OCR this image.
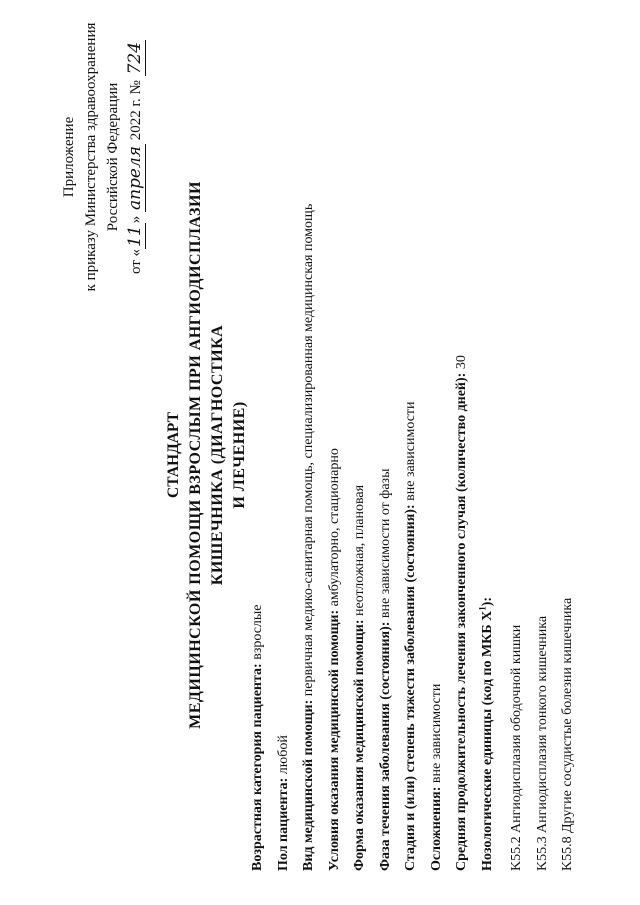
Приложение к приказу Министерства здравоохранения Российской Федерации
от «11» апреля 2022 г. № 724
СТАНДАРТ МЕДИЦИНСКОЙ ПОМОЩИ ВЗРОСЛЫМ ПРИ АНГИОДИСПЛАЗИИ КИШЕЧНИКА (ДИАГНОСТИКА И ЛЕЧЕНИЕ)
Возрастная категория пациента: взрослые
Пол пациента: любой Вид медицинской помощи: первичная медико-санитарная помощь, специализированная медицинская помощь
Условия оказания медицинской помощи: амбулаторно, стационарно
Форма оказания медицинской помощи: неотложная, плановая
Фаза течения заболевания (состояния): вне зависимости от фазы Стадия и (или) степень тяжести заболевания (состояния): вне зависимости
Осложнения: вне зависимости Средняя продолжительность лечения законченного случая (количество дней): 30
Нозологические единицы (код по МКБ $X^1$):
K55.2Ангиодисплазия ободочной кишки
K55.3Ангиодисплазия тонкого кишечника
K55.8Другие сосудистые болезни кишечника
